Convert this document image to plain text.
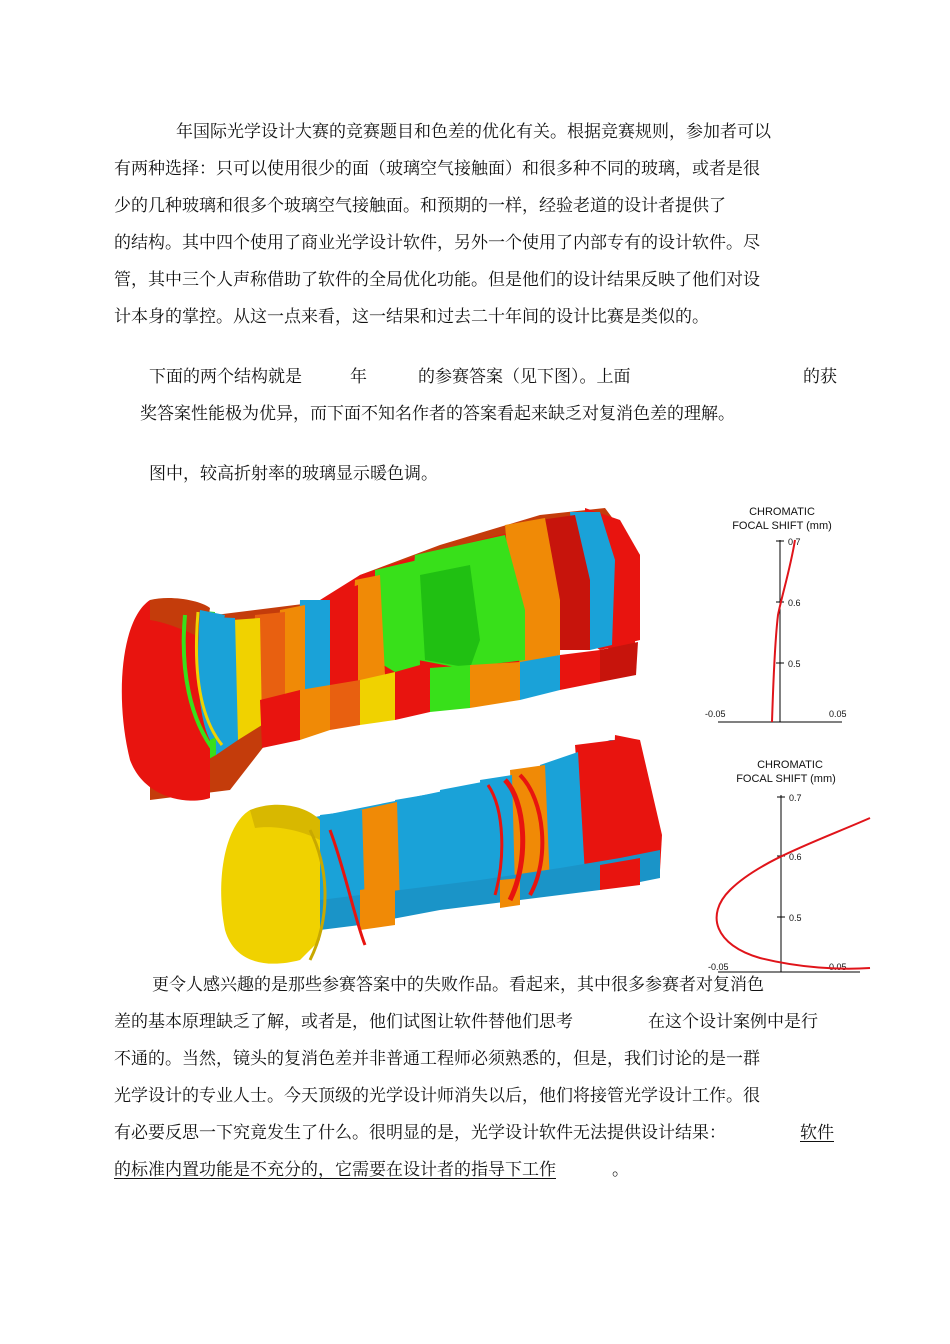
年国际光学设计大赛的竞赛题目和色差的优化有关。根据竞赛规则，参加者可以
有两种选择：只可以使用很少的面（玻璃空气接触面）和很多种不同的玻璃，或者是很
少的几种玻璃和很多个玻璃空气接触面。和预期的一样，经验老道的设计者提供了
的结构。其中四个使用了商业光学设计软件，另外一个使用了内部专有的设计软件。尽
管，其中三个人声称借助了软件的全局优化功能。但是他们的设计结果反映了他们对设
计本身的掌控。从这一点来看，这一结果和过去二十年间的设计比赛是类似的。
下面的两个结构就是	年	的参赛答案（见下图）。上面	的获
奖答案性能极为优异，而下面不知名作者的答案看起来缺乏对复消色差的理解。
图中，较高折射率的玻璃显示暖色调。
CHROMATIC
FOCAL SHIFT (mm)
0.7
0.6
0.5
-0.05	0.05
CHROMATIC
FOCAL SHIFT (mm)
0.7
0.6
0.5
-0.05	0.05
更令人感兴趣的是那些参赛答案中的失败作品。看起来，其中很多参赛者对复消色
差的基本原理缺乏了解，或者是，他们试图让软件替他们思考	在这个设计案例中是行
不通的。当然，镜头的复消色差并非普通工程师必须熟悉的，但是，我们讨论的是一群
光学设计的专业人士。今天顶级的光学设计师消失以后，他们将接管光学设计工作。很
有必要反思一下究竟发生了什么。很明显的是，光学设计软件无法提供设计结果：	软件
的标准内置功能是不充分的，它需要在设计者的指导下工作	。
